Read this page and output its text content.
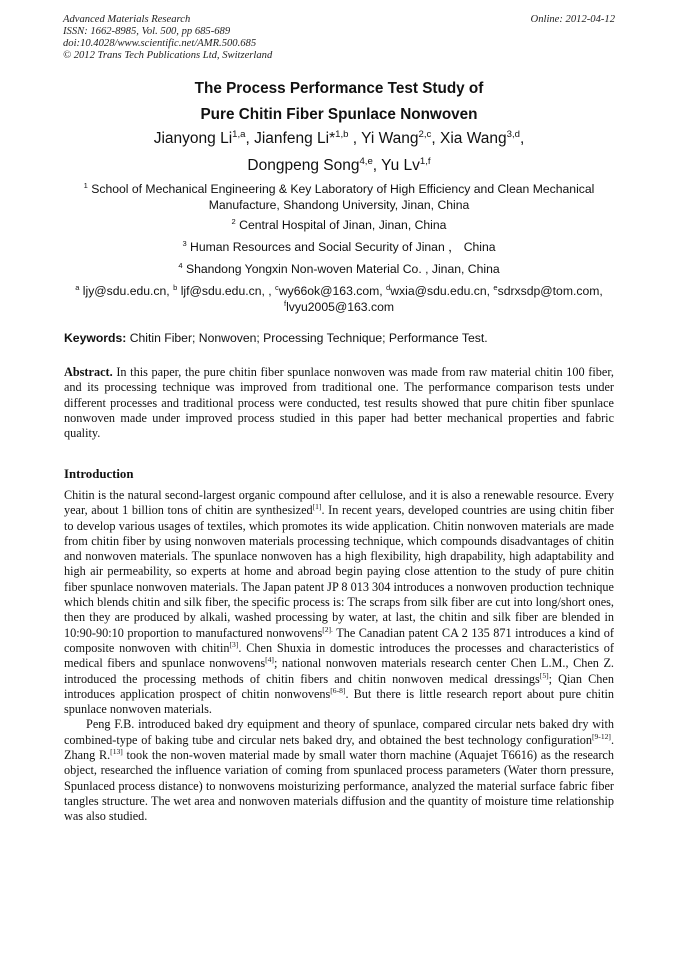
Advanced Materials Research
ISSN: 1662-8985, Vol. 500, pp 685-689
doi:10.4028/www.scientific.net/AMR.500.685
© 2012 Trans Tech Publications Ltd, Switzerland
Online: 2012-04-12
The Process Performance Test Study of
Pure Chitin Fiber Spunlace Nonwoven
Jianyong Li$^{1,a}$, Jianfeng Li*$^{1,b}$ , Yi Wang$^{2,c}$, Xia Wang$^{3,d}$,
Dongpeng Song$^{4,e}$, Yu Lv$^{1,f}$
$^1$ School of Mechanical Engineering & Key Laboratory of High Efficiency and Clean Mechanical
Manufacture, Shandong University, Jinan, China
$^2$ Central Hospital of Jinan, Jinan, China
$^3$ Human Resources and Social Security of Jinan ， China
$^4$ Shandong Yongxin Non-woven Material Co. , Jinan, China
$^a$ ljy@sdu.edu.cn, $^b$ ljf@sdu.edu.cn, , $^c$wy66ok@163.com, $^d$wxia@sdu.edu.cn, $^e$sdrxsdp@tom.com,
$^f$lvyu2005@163.com
Keywords: Chitin Fiber; Nonwoven; Processing Technique; Performance Test.
Abstract. In this paper, the pure chitin fiber spunlace nonwoven was made from raw material chitin 100 fiber, and its processing technique was improved from traditional one. The performance comparison tests under different processes and traditional process were conducted, test results showed that pure chitin fiber spunlace nonwoven made under improved process studied in this paper had better mechanical properties and fabric quality.
Introduction

Chitin is the natural second-largest organic compound after cellulose, and it is also a renewable resource. Every year, about 1 billion tons of chitin are synthesized[1]. In recent years, developed countries are using chitin fiber to develop various usages of textiles, which promotes its wide application. Chitin nonwoven materials are made from chitin fiber by using nonwoven materials processing technique, which compounds disadvantages of chitin and nonwoven materials. The spunlace nonwoven has a high flexibility, high drapability, high adaptability and high air permeability, so experts at home and abroad begin paying close attention to the study of pure chitin fiber spunlace nonwoven materials. The Japan patent JP 8 013 304 introduces a nonwoven production technique which blends chitin and silk fiber, the specific process is: The scraps from silk fiber are cut into long/short ones, then they are produced by alkali, washed processing by water, at last, the chitin and silk fiber are blended in 10:90-90:10 proportion to manufactured nonwovens$^{[2].}$ The Canadian patent CA 2 135 871 introduces a kind of composite nonwoven with chitin[3]. Chen Shuxia in domestic introduces the processes and characteristics of medical fibers and spunlace nonwovens[4]; national nonwoven materials research center Chen L.M., Chen Z. introduced the processing methods of chitin fibers and chitin nonwoven medical dressings[5]; Qian Chen introduces application prospect of chitin nonwovens[6-8]. But there is little research report about pure chitin spunlace nonwoven materials.

Peng F.B. introduced baked dry equipment and theory of spunlace, compared circular nets baked dry with combined-type of baking tube and circular nets baked dry, and obtained the best technology configuration[9-12]. Zhang R.[13] took the non-woven material made by small water thorn machine (Aquajet T6616) as the research object, researched the influence variation of coming from spunlaced process parameters (Water thorn pressure, Spunlaced process distance) to nonwovens moisturizing performance, analyzed the material surface fabric fiber tangles structure. The wet area and nonwoven materials diffusion and the quantity of moisture time relationship was also studied.
